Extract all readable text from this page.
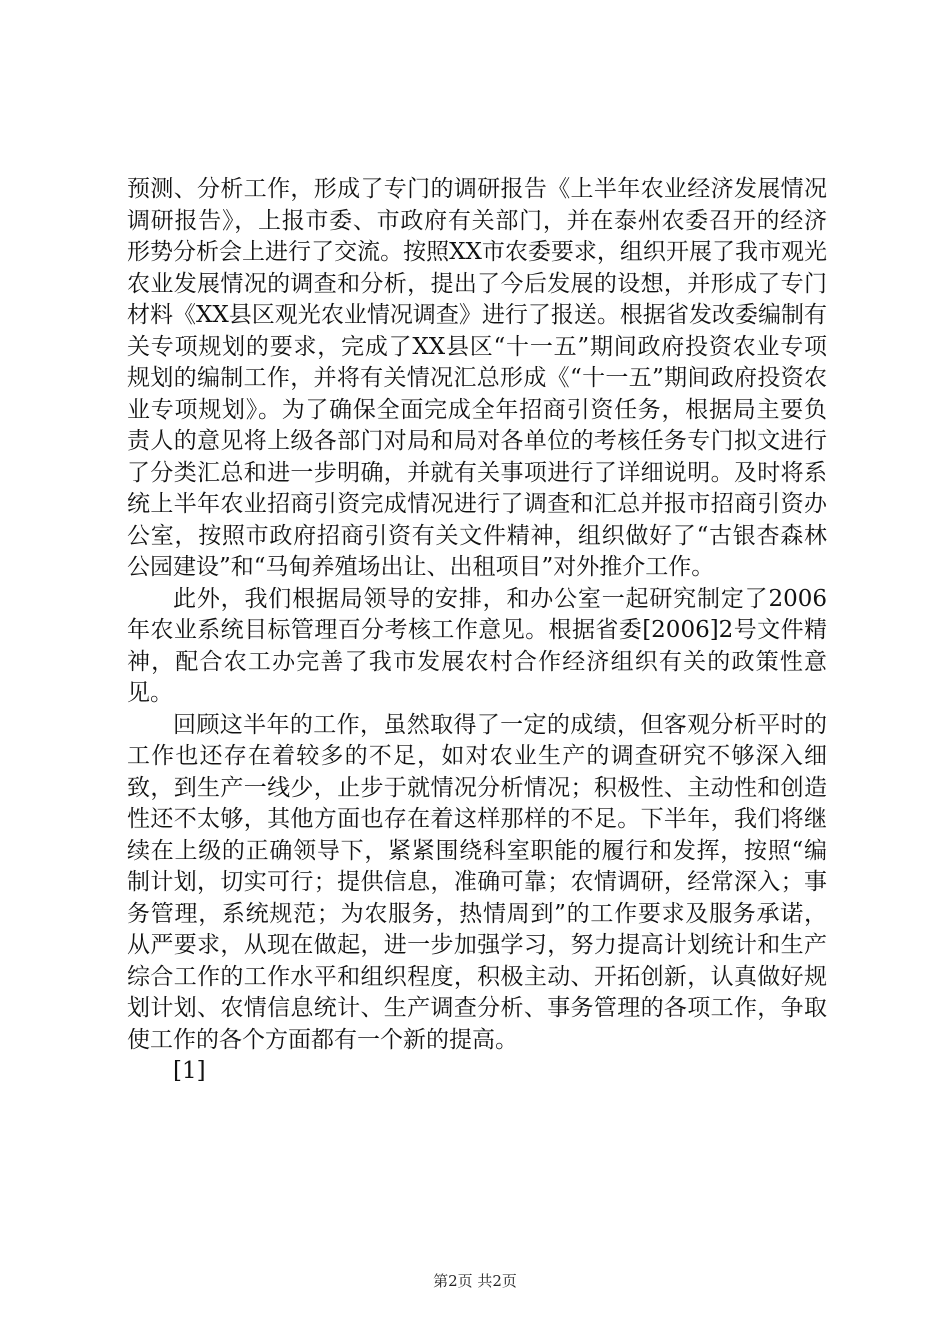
预测、分析工作，形成了专门的调研报告《上半年农业经济发展情况调研报告》，上报市委、市政府有关部门，并在泰州农委召开的经济形势分析会上进行了交流。按照XX市农委要求，组织开展了我市观光农业发展情况的调查和分析，提出了今后发展的设想，并形成了专门材料《XX县区观光农业情况调查》进行了报送。根据省发改委编制有关专项规划的要求，完成了XX县区“十一五”期间政府投资农业专项规划的编制工作，并将有关情况汇总形成《“十一五”期间政府投资农业专项规划》。为了确保全面完成全年招商引资任务，根据局主要负责人的意见将上级各部门对局和局对各单位的考核任务专门拟文进行了分类汇总和进一步明确，并就有关事项进行了详细说明。及时将系统上半年农业招商引资完成情况进行了调查和汇总并报市招商引资办公室，按照市政府招商引资有关文件精神，组织做好了“古银杏森林公园建设”和“马甸养殖场出让、出租项目”对外推介工作。

此外，我们根据局领导的安排，和办公室一起研究制定了2006年农业系统目标管理百分考核工作意见。根据省委[2006]2号文件精神，配合农工办完善了我市发展农村合作经济组织有关的政策性意见。

回顾这半年的工作，虽然取得了一定的成绩，但客观分析平时的工作也还存在着较多的不足，如对农业生产的调查研究不够深入细致，到生产一线少，止步于就情况分析情况；积极性、主动性和创造性还不太够，其他方面也存在着这样那样的不足。下半年，我们将继续在上级的正确领导下，紧紧围绕科室职能的履行和发挥，按照“编制计划，切实可行；提供信息，准确可靠；农情调研，经常深入；事务管理，系统规范；为农服务，热情周到”的工作要求及服务承诺，从严要求，从现在做起，进一步加强学习，努力提高计划统计和生产综合工作的工作水平和组织程度，积极主动、开拓创新，认真做好规划计划、农情信息统计、生产调查分析、事务管理的各项工作，争取使工作的各个方面都有一个新的提高。

[1]

第2页 共2页
